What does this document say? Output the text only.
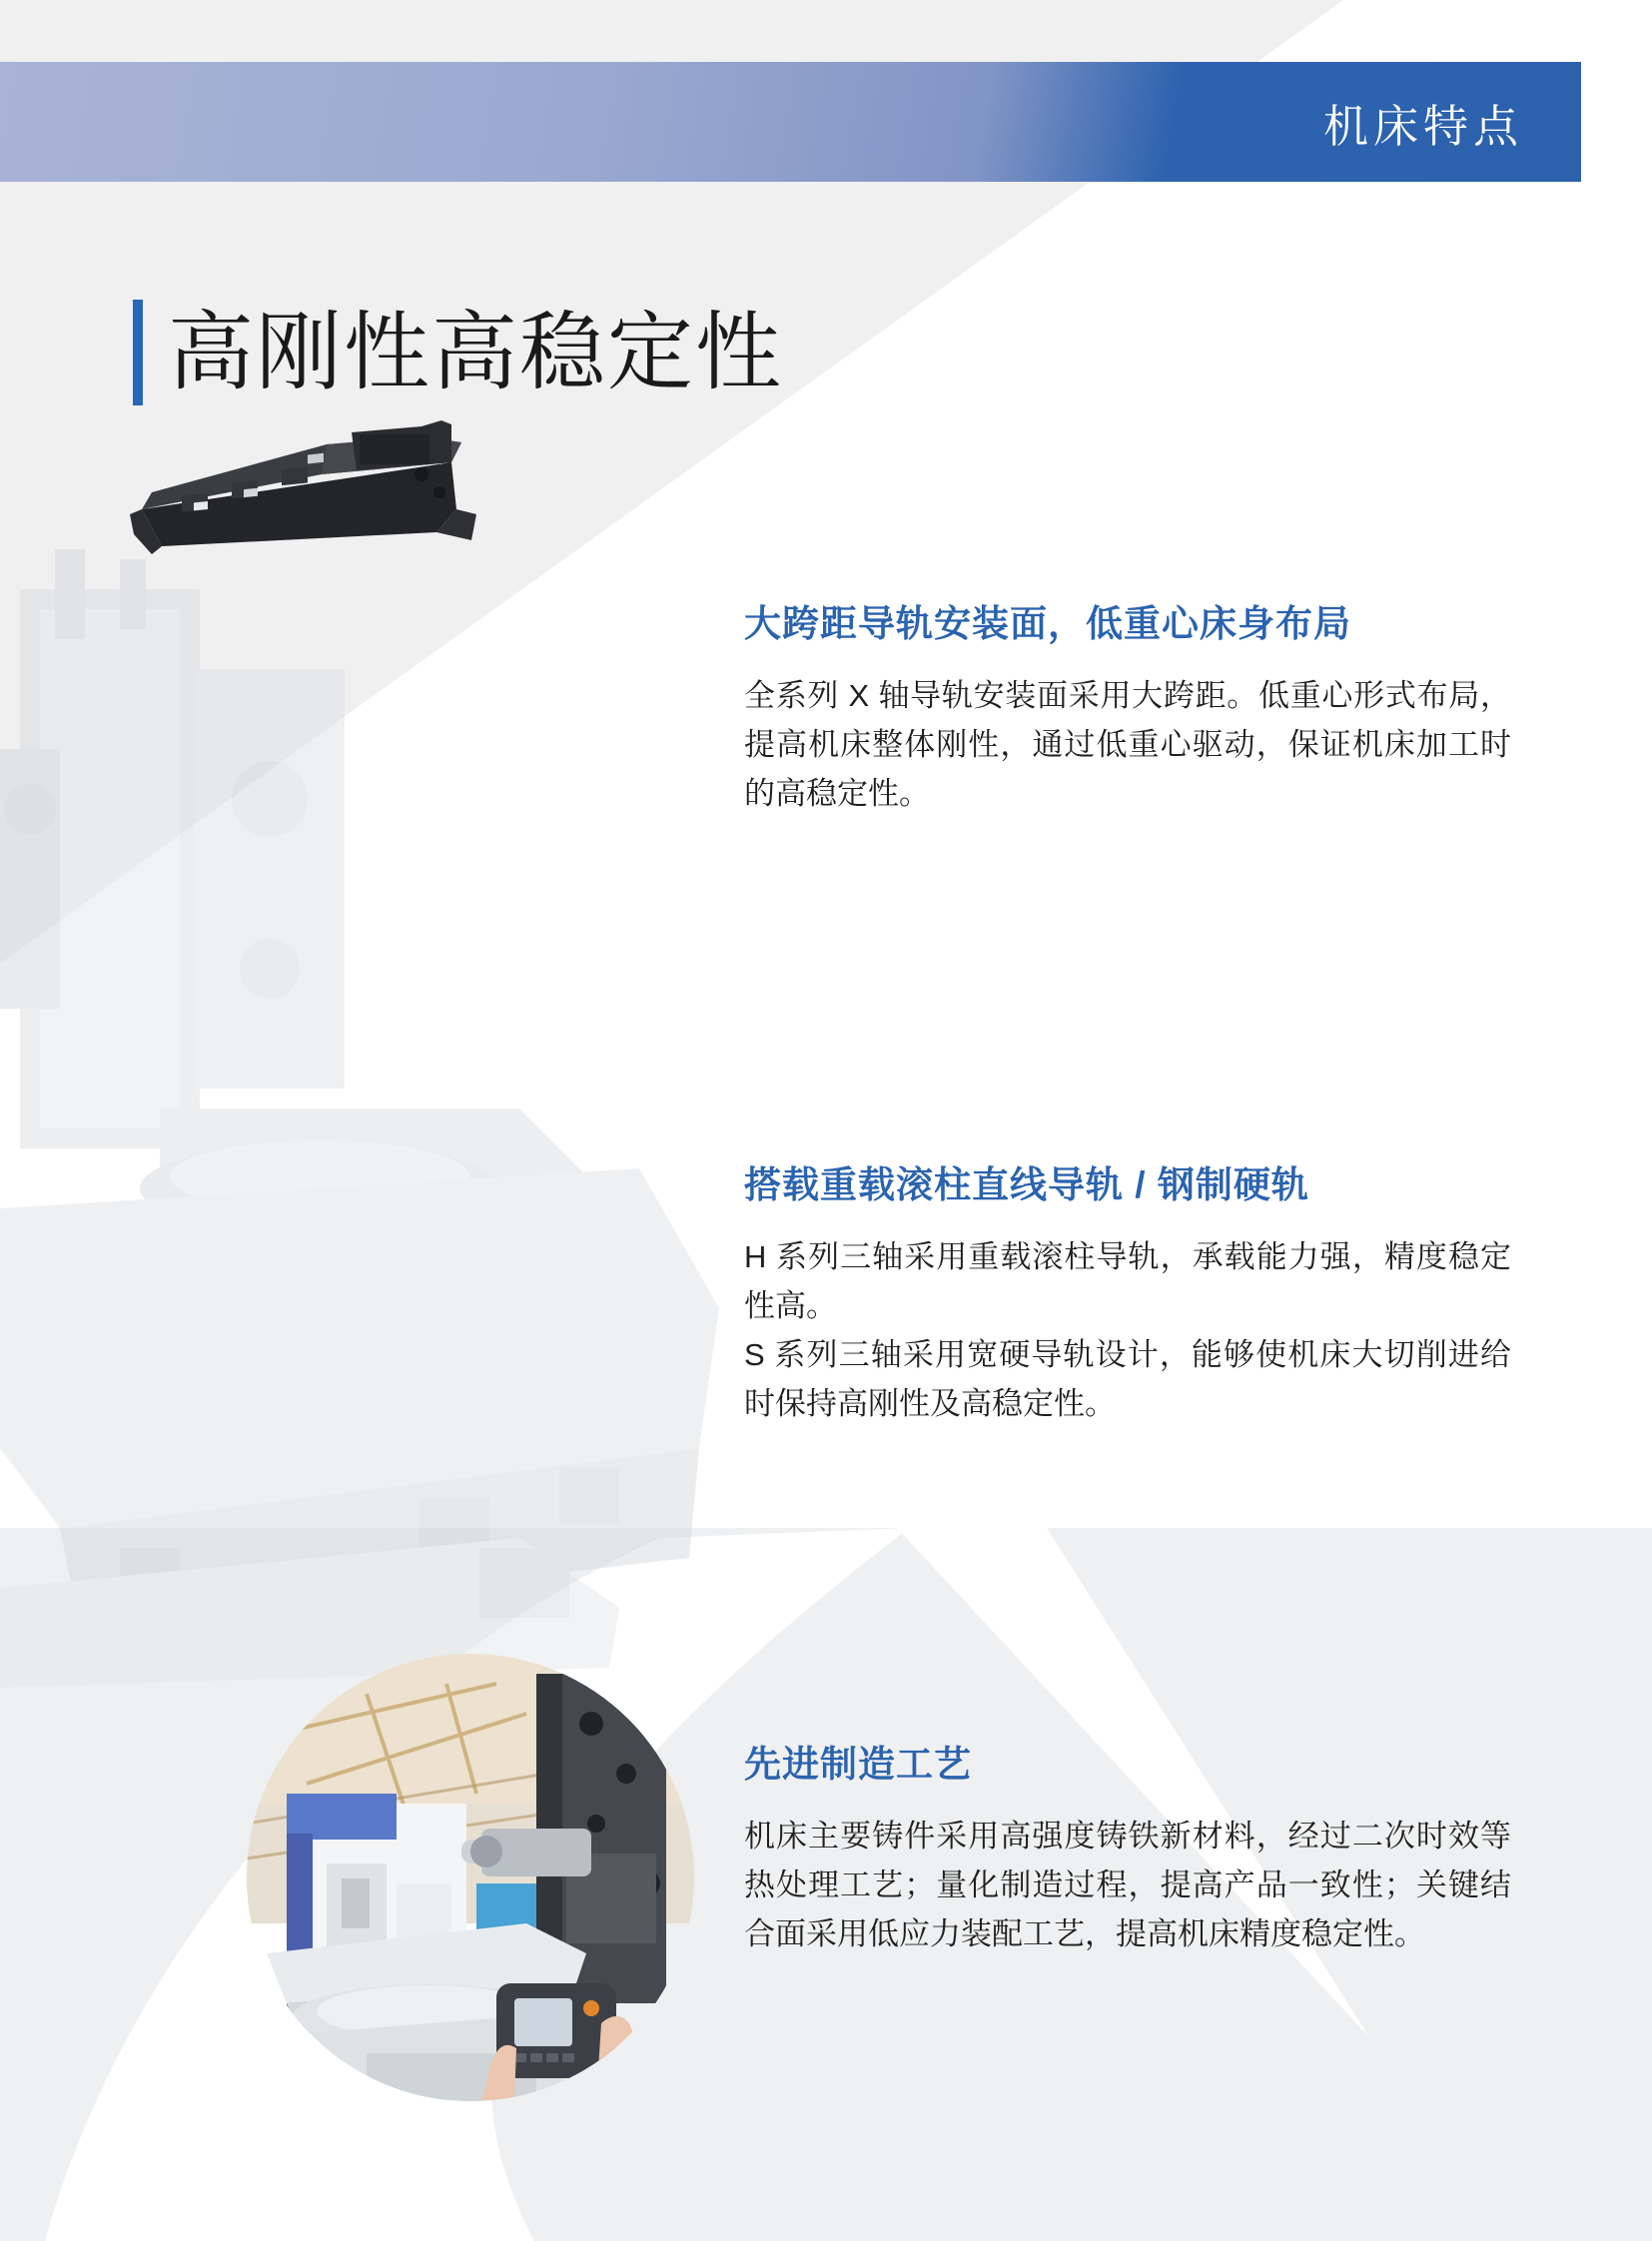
机床特点
高刚性高稳定性
大跨距导轨安装面，低重心床身布局

全系列 X 轴导轨安装面采用大跨距。低重心形式布局，提高机床整体刚性，通过低重心驱动，保证机床加工时的高稳定性。

搭载重载滚柱直线导轨 / 钢制硬轨

H 系列三轴采用重载滚柱导轨，承载能力强，精度稳定性高。

S 系列三轴采用宽硬导轨设计，能够使机床大切削进给时保持高刚性及高稳定性。

先进制造工艺

机床主要铸件采用高强度铸铁新材料，经过二次时效等热处理工艺；量化制造过程，提高产品一致性；关键结合面采用低应力装配工艺，提高机床精度稳定性。
